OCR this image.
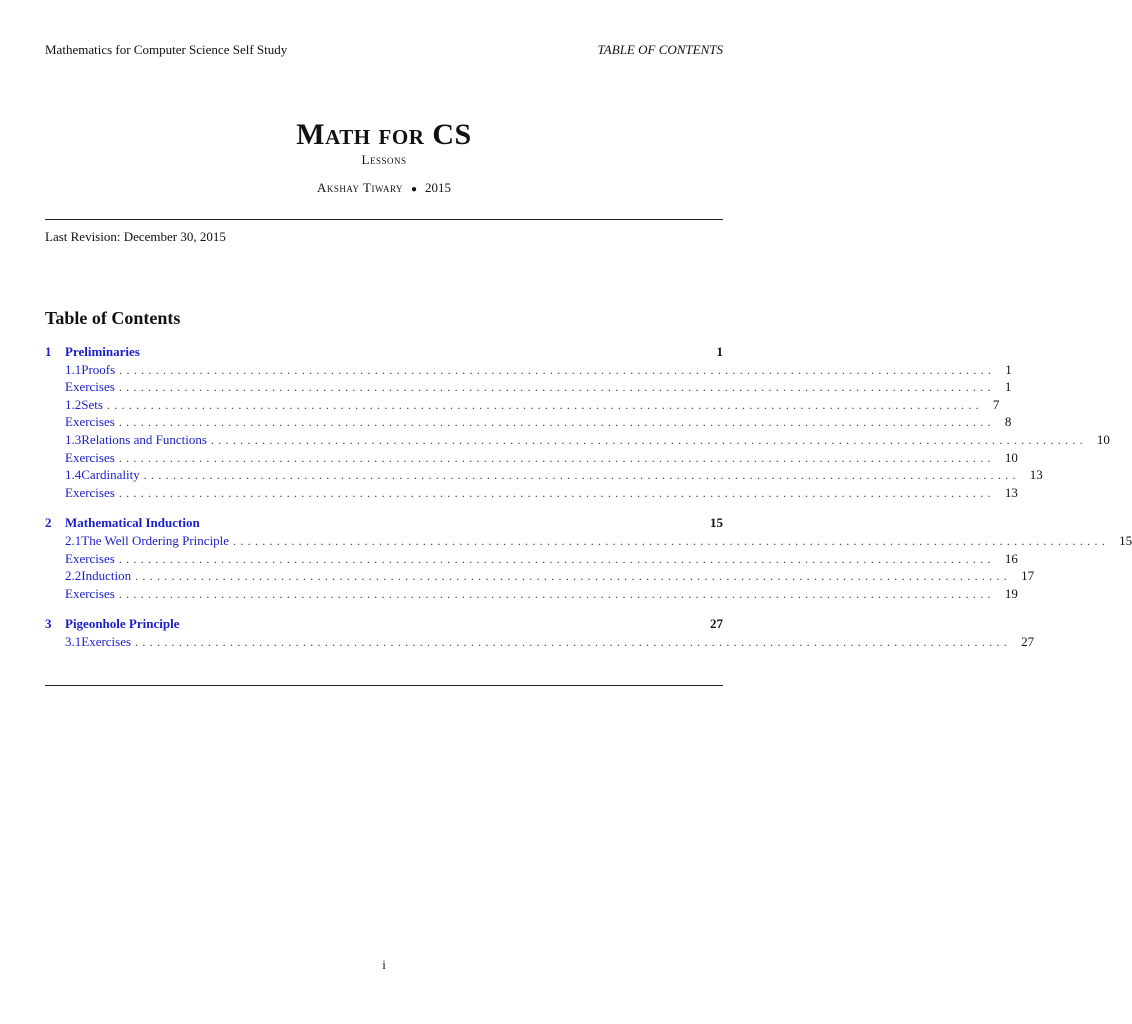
Mathematics for Computer Science Self Study	TABLE OF CONTENTS
Math for CS
Lessons
Akshay Tiwary ● 2015
Last Revision: December 30, 2015
Table of Contents
1	Preliminaries	1
1.1 Proofs ........................................................................................................................ 1
Exercises ........................................................................................................................ 1
1.2 Sets ........................................................................................................................ 7
Exercises ........................................................................................................................ 8
1.3 Relations and Functions ........................................................................................................................ 10
Exercises ........................................................................................................................ 10
1.4 Cardinality ........................................................................................................................ 13
Exercises ........................................................................................................................ 13
2	Mathematical Induction	15
2.1 The Well Ordering Principle ........................................................................................................................ 15
Exercises ........................................................................................................................ 16
2.2 Induction ........................................................................................................................ 17
Exercises ........................................................................................................................ 19
3	Pigeonhole Principle	27
3.1 Exercises ........................................................................................................................ 27
i
